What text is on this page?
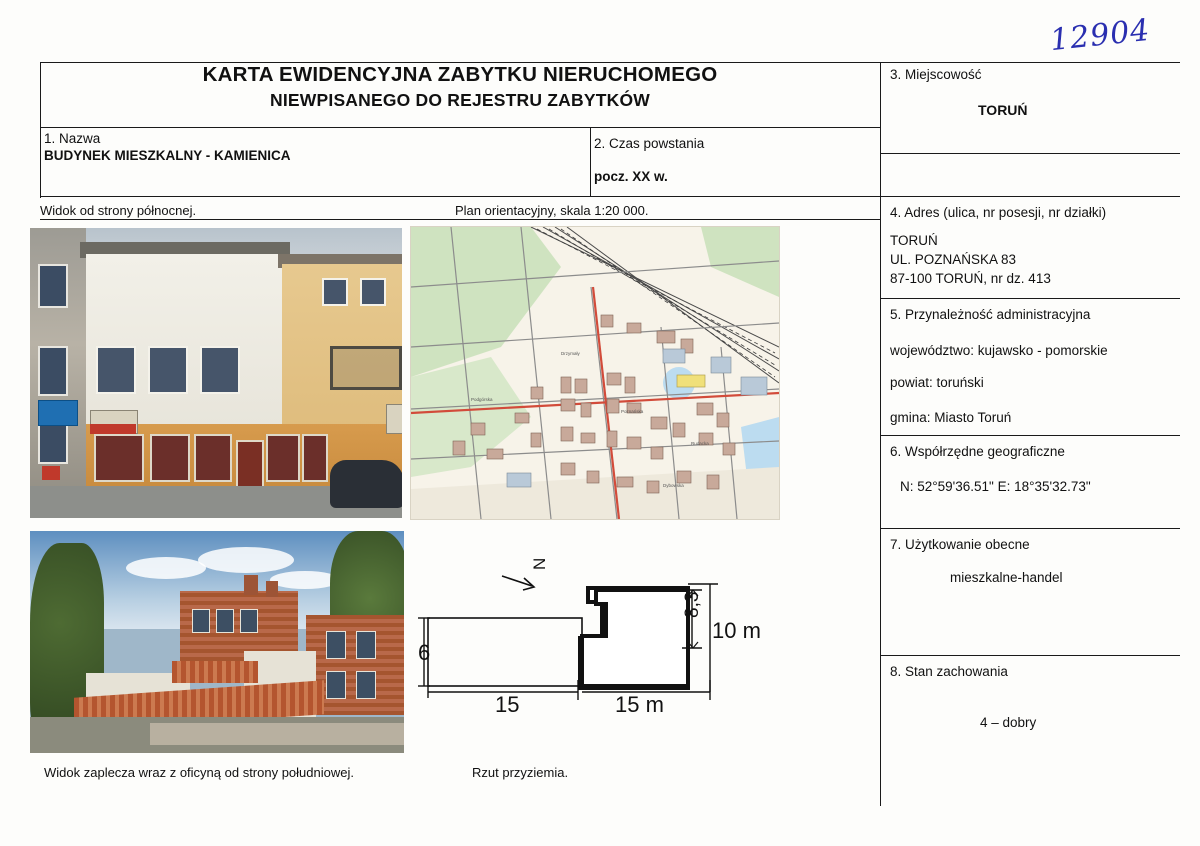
12904
KARTA EWIDENCYJNA ZABYTKU NIERUCHOMEGO
NIEWPISANEGO DO REJESTRU ZABYTKÓW
1. Nazwa
BUDYNEK MIESZKALNY - KAMIENICA
2. Czas powstania
pocz. XX w.
3. Miejscowość
TORUŃ
Widok od strony północnej.	Plan orientacyjny, skala 1:20 000.	4. Adres (ulica, nr posesji, nr działki)
TORUŃ
UL. POZNAŃSKA 83
87-100 TORUŃ, nr dz. 413
5. Przynależność administracyjna
województwo: kujawsko - pomorskie
powiat: toruński
gmina: Miasto Toruń
6. Współrzędne geograficzne
N: 52°59'36.51" E: 18°35'32.73"
7. Użytkowanie obecne
mieszkalne-handel
8. Stan zachowania
4 – dobry
Widok zaplecza wraz z oficyną od strony południowej.	Rzut przyziemia.
Poznańska
Drzymały
Rudacka
Podgórska
Dybowska
6
15	15 m
10 m
8,3
N
